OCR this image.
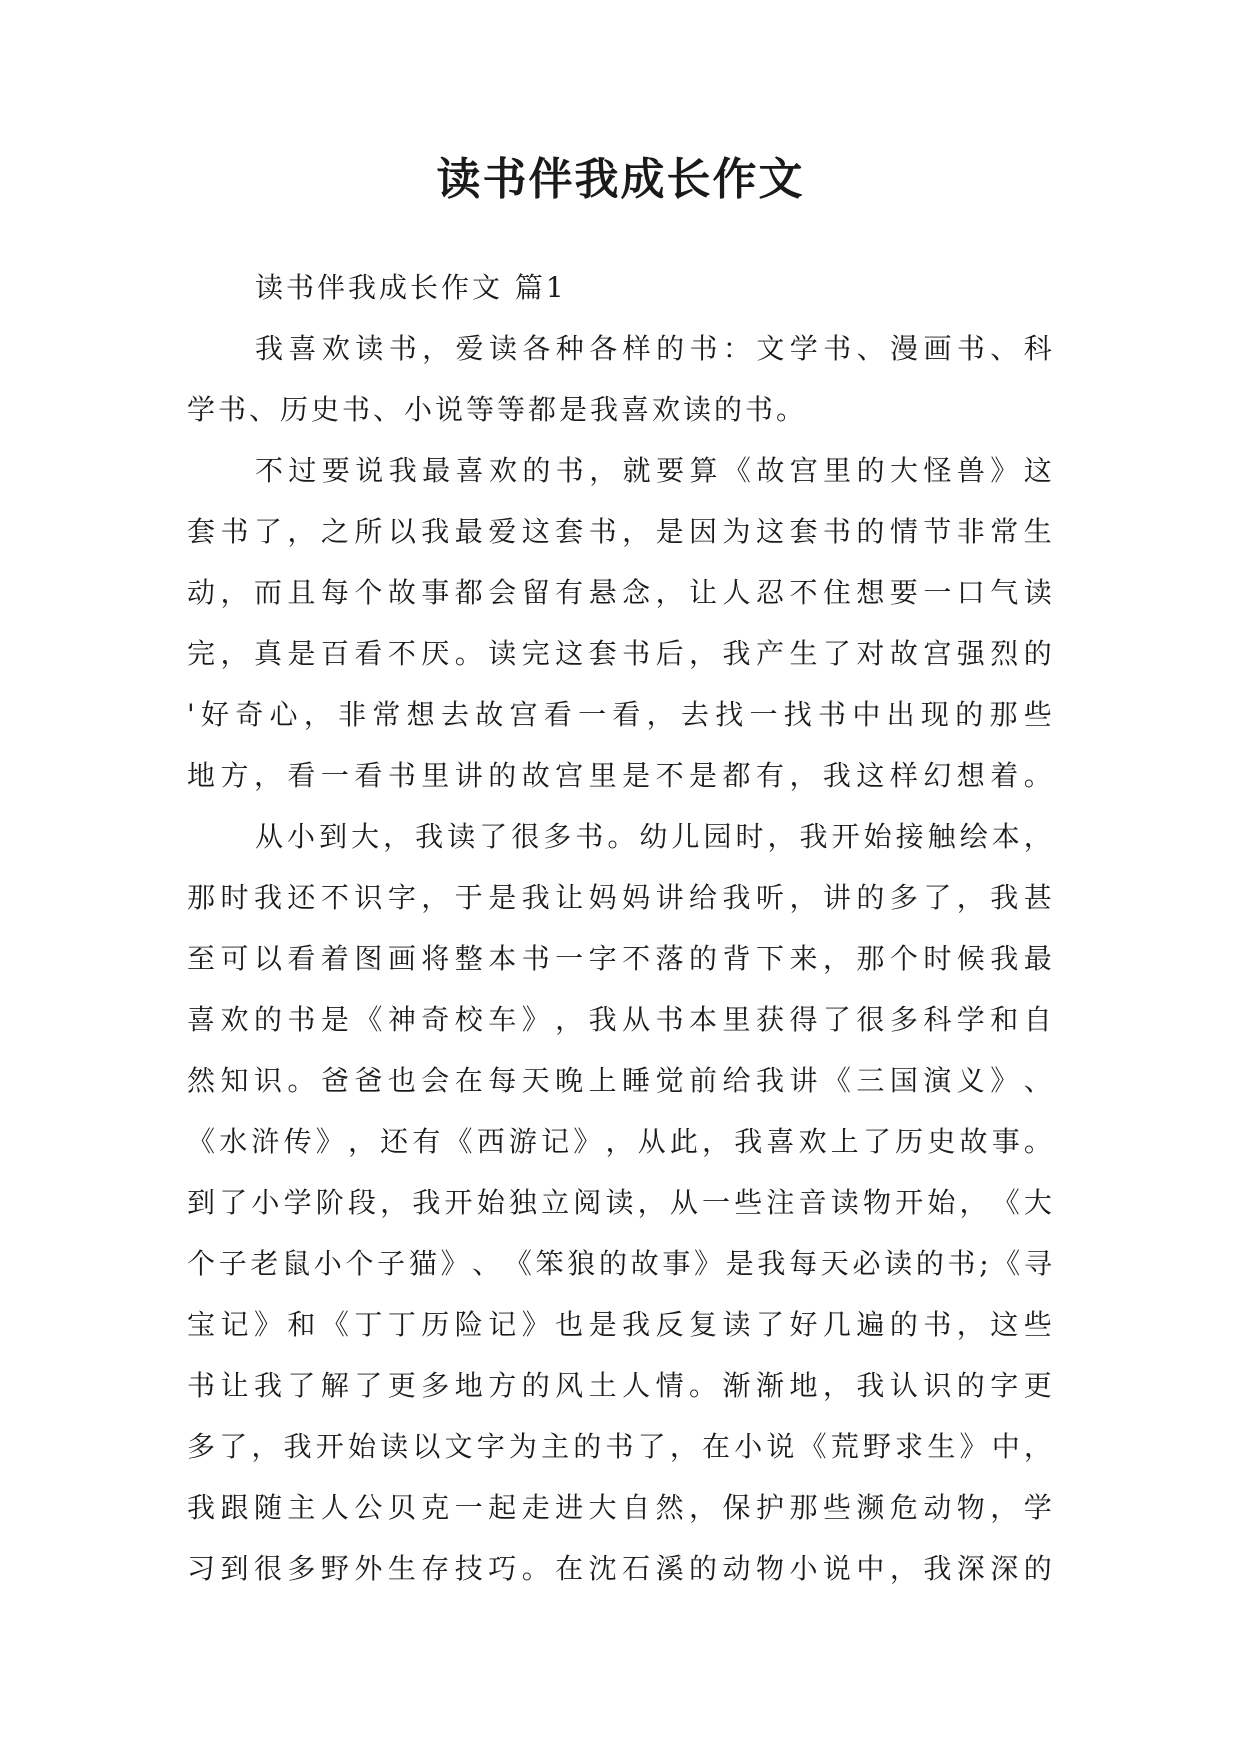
读书伴我成长作文
读书伴我成长作文 篇1
我 喜 欢 读 书 ， 爱 读 各 种 各 样 的 书 ： 文 学 书 、 漫 画 书 、 科
学书、历史书、小说等等都是我喜欢读的书。
不 过 要 说 我 最 喜 欢 的 书 ， 就 要 算 《 故 宫 里 的 大 怪 兽 》 这
套 书 了 ， 之 所 以 我 最 爱 这 套 书 ， 是 因 为 这 套 书 的 情 节 非 常 生
动 ， 而 且 每 个 故 事 都 会 留 有 悬 念 ， 让 人 忍 不 住 想 要 一 口 气 读
完 ， 真 是 百 看 不 厌 。 读 完 这 套 书 后 ， 我 产 生 了 对 故 宫 强 烈 的
' 好 奇 心 ， 非 常 想 去 故 宫 看 一 看 ， 去 找 一 找 书 中 出 现 的 那 些
地 方 ， 看 一 看 书 里 讲 的 故 宫 里 是 不 是 都 有 ， 我 这 样 幻 想 着 。
从 小 到 大 ， 我 读 了 很 多 书 。 幼 儿 园 时 ， 我 开 始 接 触 绘 本 ，
那 时 我 还 不 识 字 ， 于 是 我 让 妈 妈 讲 给 我 听 ， 讲 的 多 了 ， 我 甚
至 可 以 看 着 图 画 将 整 本 书 一 字 不 落 的 背 下 来 ， 那 个 时 候 我 最
喜 欢 的 书 是 《 神 奇 校 车 》 ， 我 从 书 本 里 获 得 了 很 多 科 学 和 自
然 知 识 。 爸 爸 也 会 在 每 天 晚 上 睡 觉 前 给 我 讲 《 三 国 演 义 》 、
《 水 浒 传 》 ， 还 有 《 西 游 记 》 ， 从 此 ， 我 喜 欢 上 了 历 史 故 事 。
到 了 小 学 阶 段 ， 我 开 始 独 立 阅 读 ， 从 一 些 注 音 读 物 开 始 ， 《 大
个 子 老 鼠 小 个 子 猫 》 、 《 笨 狼 的 故 事 》 是 我 每 天 必 读 的 书 ; 《 寻
宝 记 》 和 《 丁 丁 历 险 记 》 也 是 我 反 复 读 了 好 几 遍 的 书 ， 这 些
书 让 我 了 解 了 更 多 地 方 的 风 土 人 情 。 渐 渐 地 ， 我 认 识 的 字 更
多 了 ， 我 开 始 读 以 文 字 为 主 的 书 了 ， 在 小 说 《 荒 野 求 生 》 中 ，
我 跟 随 主 人 公 贝 克 一 起 走 进 大 自 然 ， 保 护 那 些 濒 危 动 物 ， 学
习 到 很 多 野 外 生 存 技 巧 。 在 沈 石 溪 的 动 物 小 说 中 ， 我 深 深 的
